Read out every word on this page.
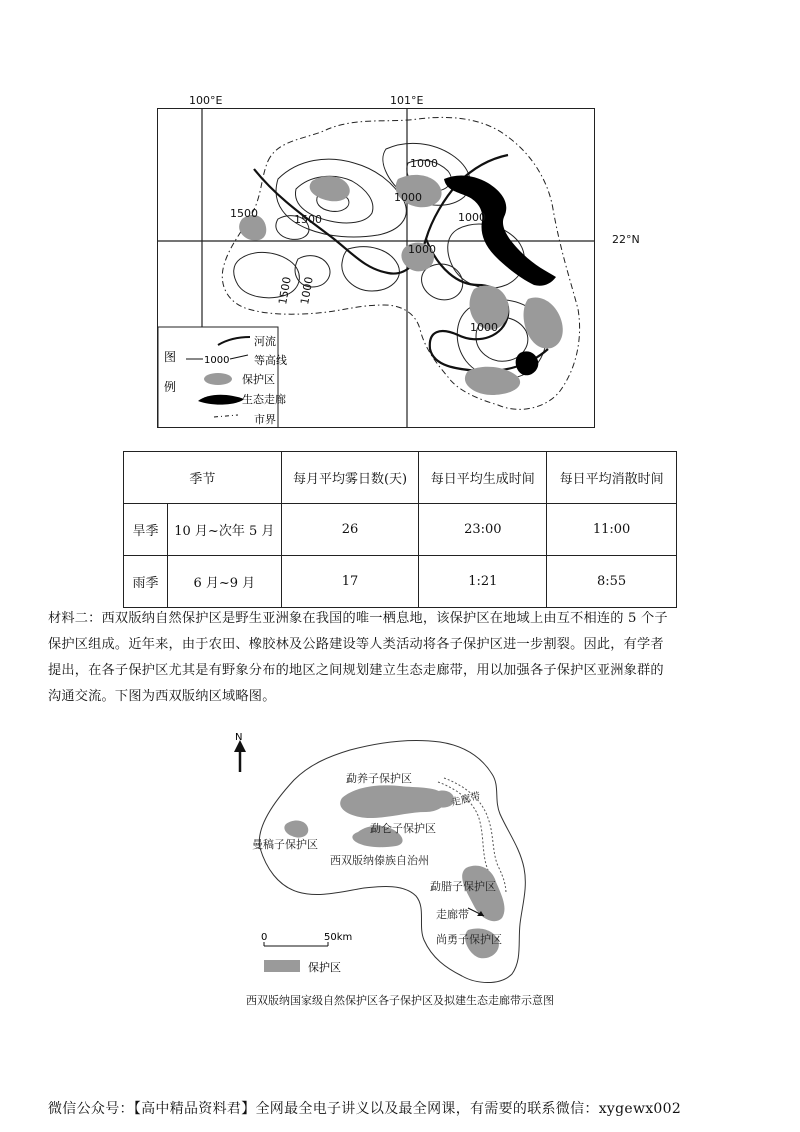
100°E	101°E
22°N
1000
1500
1000
1500	1000
1000
1500 1000
1000
图
例
河流
1000 等高线
保护区
生态走廊
市界
季节		每月平均雾日数(天)	每日平均生成时间	每日平均消散时间
旱季	10 月~次年 5 月	26	23:00	11:00
雨季	6 月~9 月	17	1:21	8:55
材料二：西双版纳自然保护区是野生亚洲象在我国的唯一栖息地，该保护区在地域上由互不相连的 5 个子
保护区组成。近年来，由于农田、橡胶林及公路建设等人类活动将各子保护区进一步割裂。因此，有学者
提出，在各子保护区尤其是有野象分布的地区之间规划建立生态走廊带，用以加强各子保护区亚洲象群的
沟通交流。下图为西双版纳区域略图。
N
勐养子保护区
走廊带
勐仑子保护区
曼稿子保护区
西双版纳傣族自治州
勐腊子保护区
走廊带
尚勇子保护区
0	50km
保护区
西双版纳国家级自然保护区各子保护区及拟建生态走廊带示意图
微信公众号：【高中精品资料君】全网最全电子讲义以及最全网课，有需要的联系微信：xygewx002
